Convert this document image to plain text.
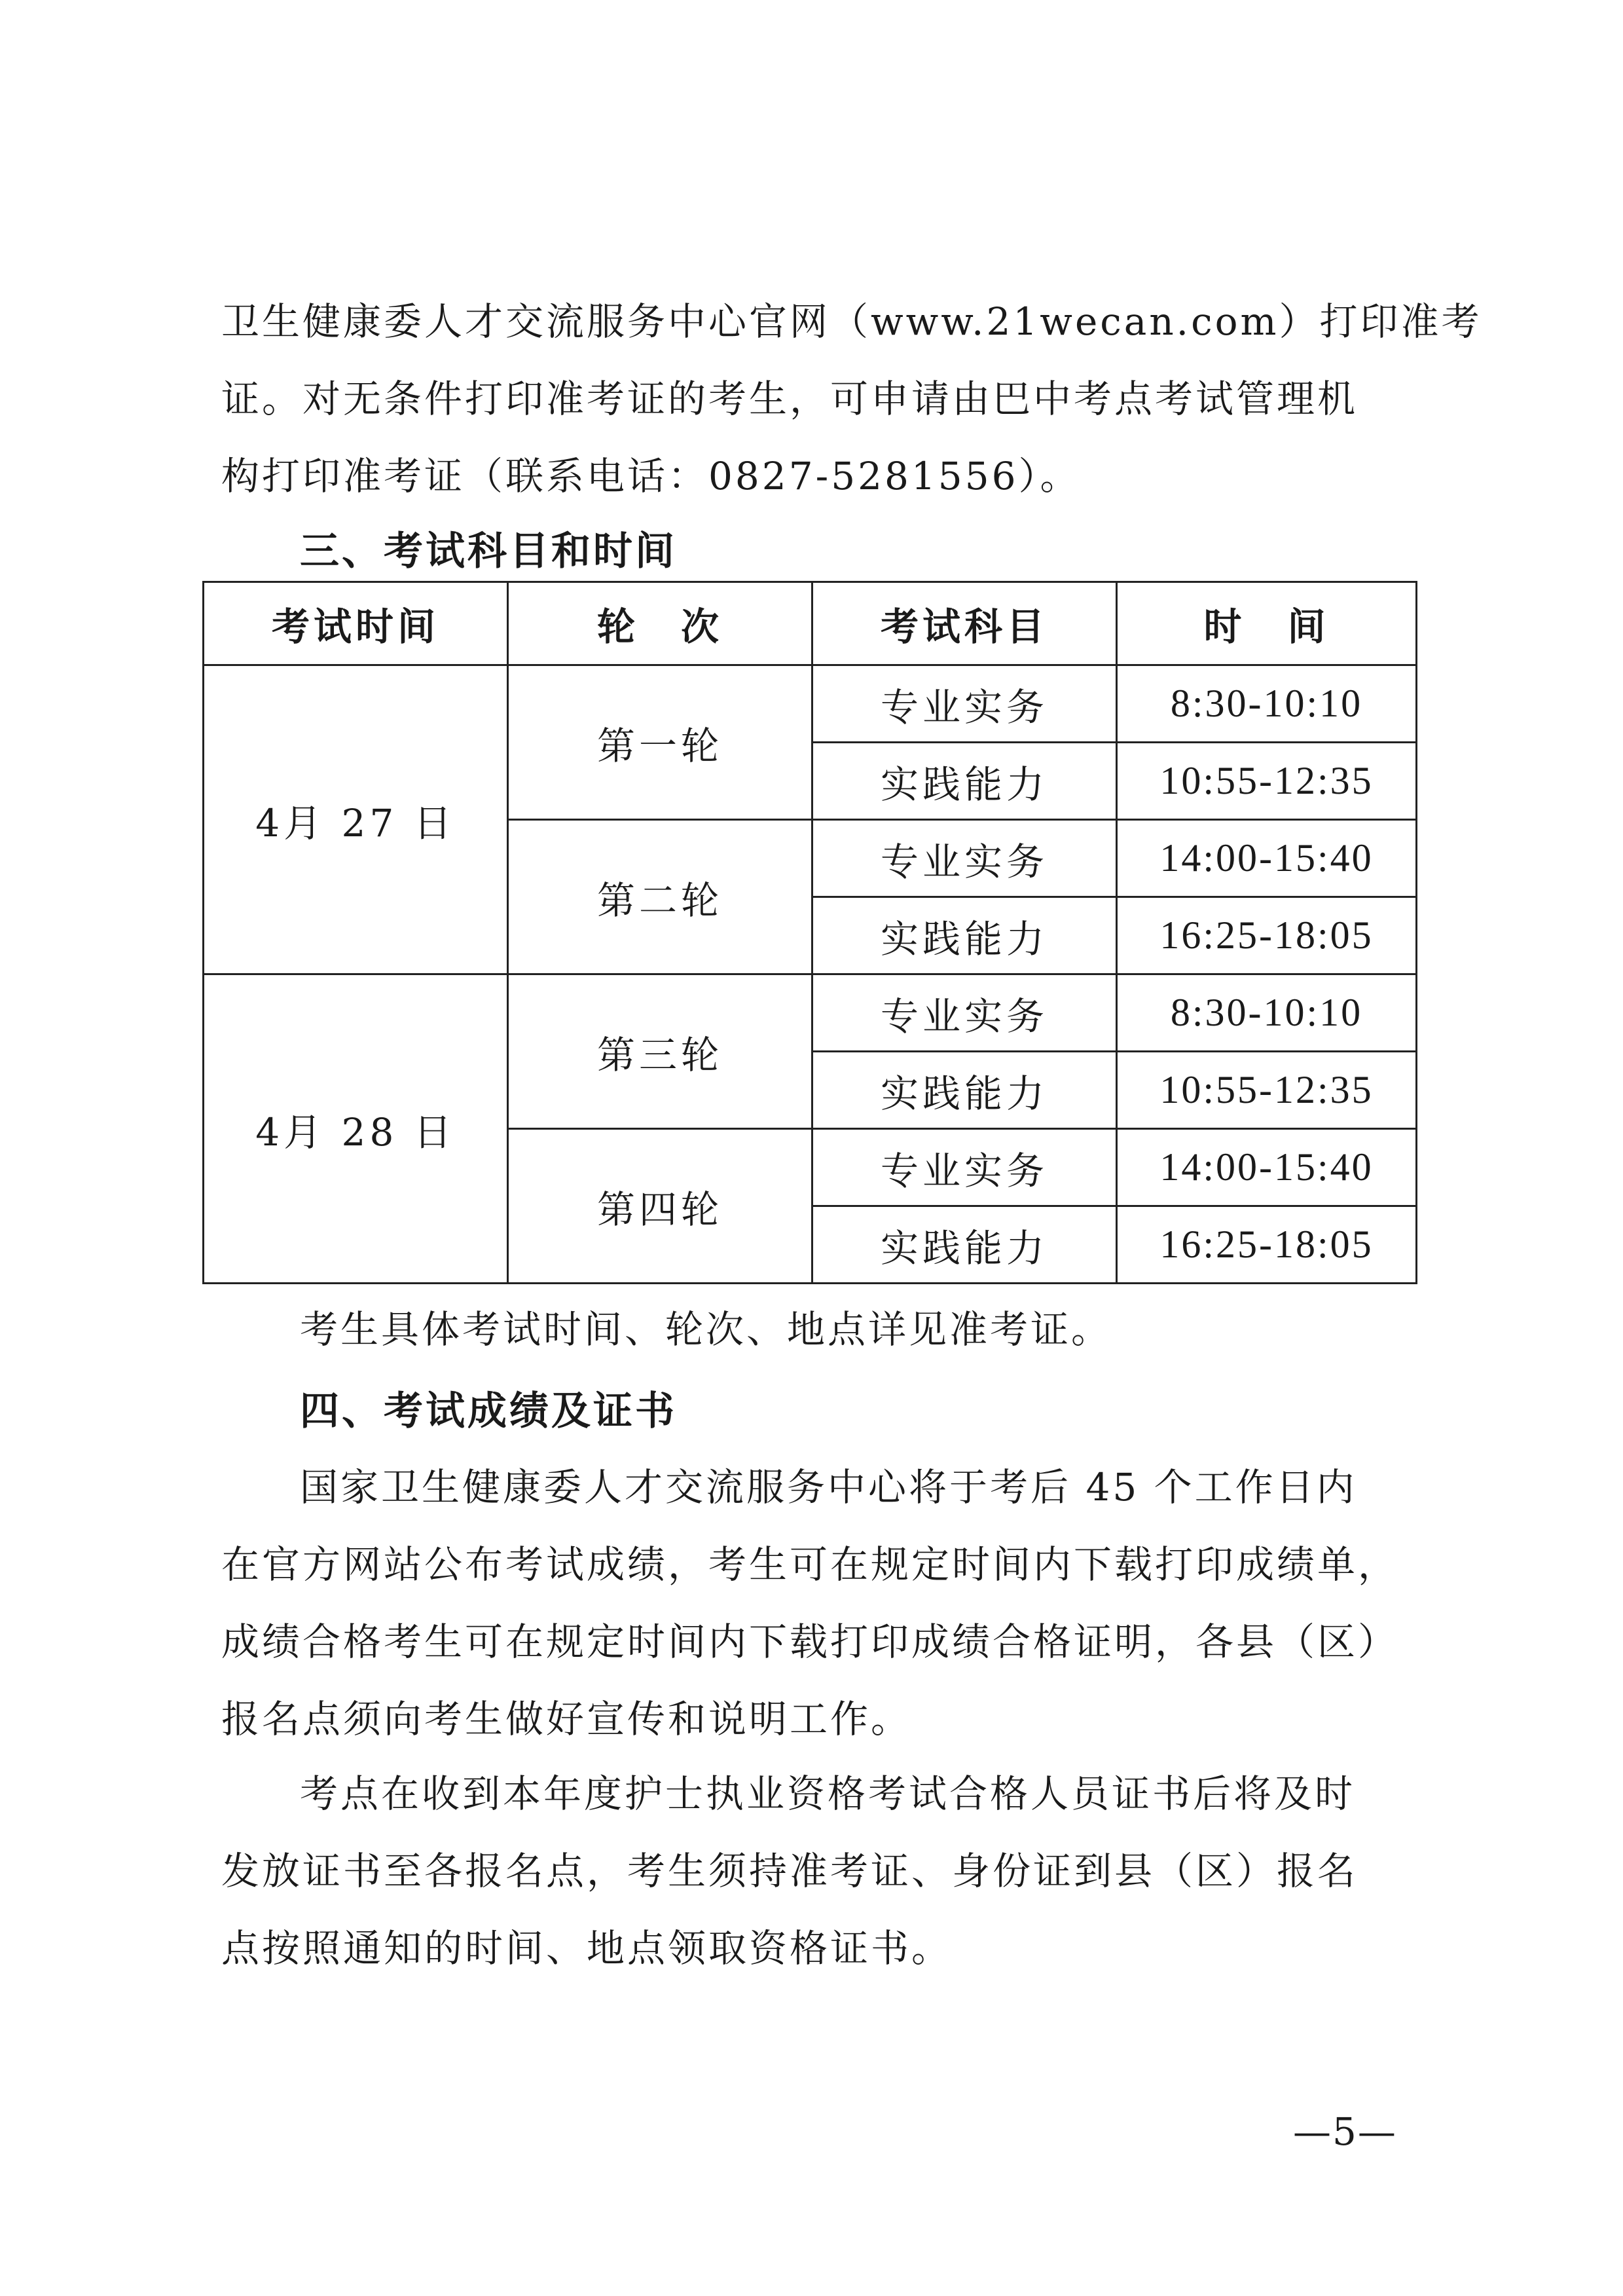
卫生健康委人才交流服务中心官网（www.21wecan.com）打印准考
证。对无条件打印准考证的考生，可申请由巴中考点考试管理机
构打印准考证（联系电话：0827-5281556）。
三、考试科目和时间
考试时间	轮　次	考试科目	时　间
4月 27 日	第一轮	专业实务	8:30-10:10
		实践能力	10:55-12:35
	第二轮	专业实务	14:00-15:40
		实践能力	16:25-18:05
4月 28 日	第三轮	专业实务	8:30-10:10
		实践能力	10:55-12:35
	第四轮	专业实务	14:00-15:40
		实践能力	16:25-18:05
考生具体考试时间、轮次、地点详见准考证。
四、考试成绩及证书
国家卫生健康委人才交流服务中心将于考后 45 个工作日内
在官方网站公布考试成绩，考生可在规定时间内下载打印成绩单，
成绩合格考生可在规定时间内下载打印成绩合格证明，各县（区）
报名点须向考生做好宣传和说明工作。
考点在收到本年度护士执业资格考试合格人员证书后将及时
发放证书至各报名点，考生须持准考证、身份证到县（区）报名
点按照通知的时间、地点领取资格证书。
—5—
